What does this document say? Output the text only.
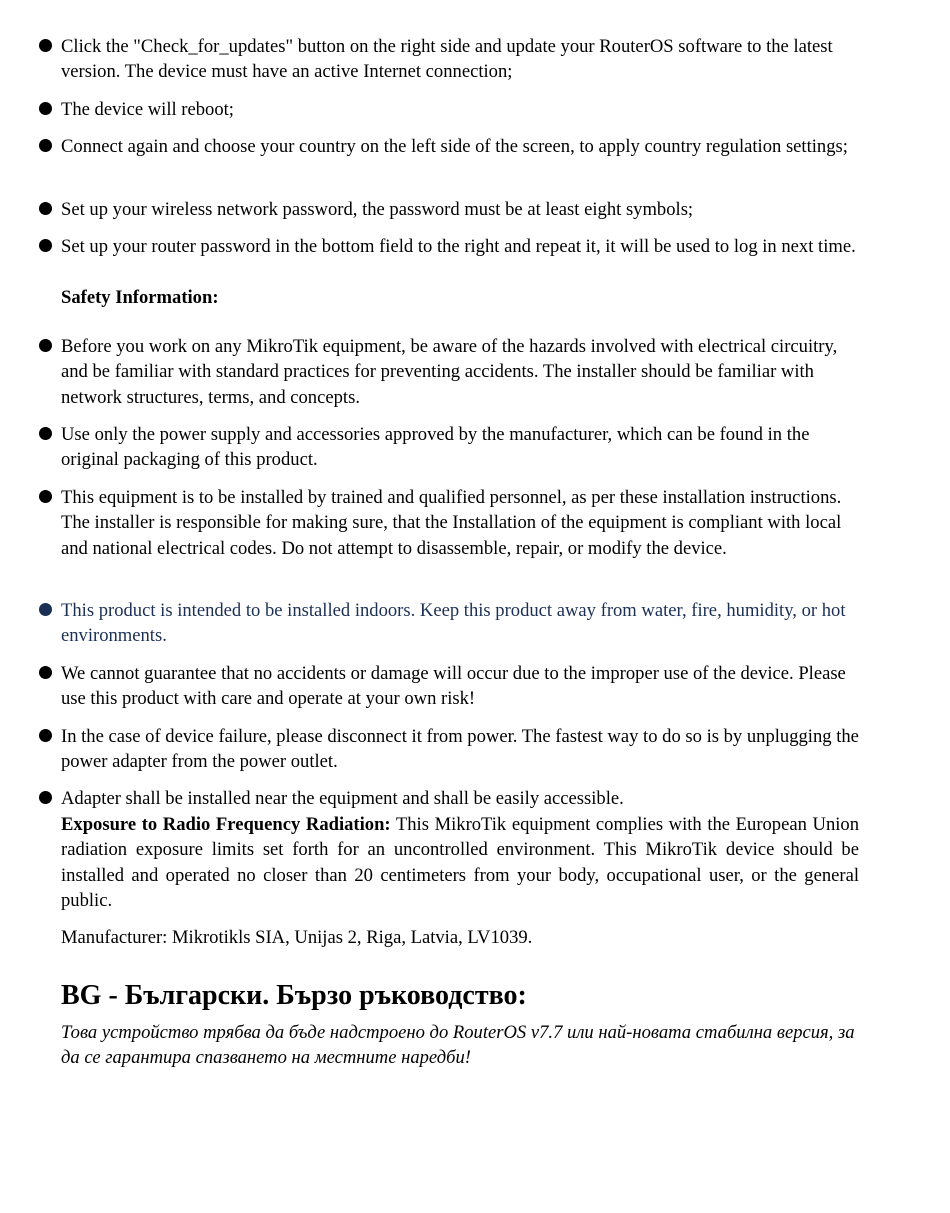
Click the "Check_for_updates" button on the right side and update your RouterOS software to the latest version. The device must have an active Internet connection;
The device will reboot;
Connect again and choose your country on the left side of the screen, to apply country regulation settings;
Set up your wireless network password, the password must be at least eight symbols;
Set up your router password in the bottom field to the right and repeat it, it will be used to log in next time.
Safety Information:
Before you work on any MikroTik equipment, be aware of the hazards involved with electrical circuitry, and be familiar with standard practices for preventing accidents. The installer should be familiar with network structures, terms, and concepts.
Use only the power supply and accessories approved by the manufacturer, which can be found in the original packaging of this product.
This equipment is to be installed by trained and qualified personnel, as per these installation instructions. The installer is responsible for making sure, that the Installation of the equipment is compliant with local and national electrical codes. Do not attempt to disassemble, repair, or modify the device.
This product is intended to be installed indoors. Keep this product away from water, fire, humidity, or hot environments.
We cannot guarantee that no accidents or damage will occur due to the improper use of the device. Please use this product with care and operate at your own risk!
In the case of device failure, please disconnect it from power. The fastest way to do so is by unplugging the power adapter from the power outlet.
Adapter shall be installed near the equipment and shall be easily accessible.
Exposure to Radio Frequency Radiation: This MikroTik equipment complies with the European Union radiation exposure limits set forth for an uncontrolled environment. This MikroTik device should be installed and operated no closer than 20 centimeters from your body, occupational user, or the general public.
Manufacturer: Mikrotikls SIA, Unijas 2, Riga, Latvia, LV1039.
BG - Български. Бързо ръководство:
Това устройство трябва да бъде надстроено до RouterOS v7.7 или най-новата стабилна версия, за да се гарантира спазването на местните наредби!
